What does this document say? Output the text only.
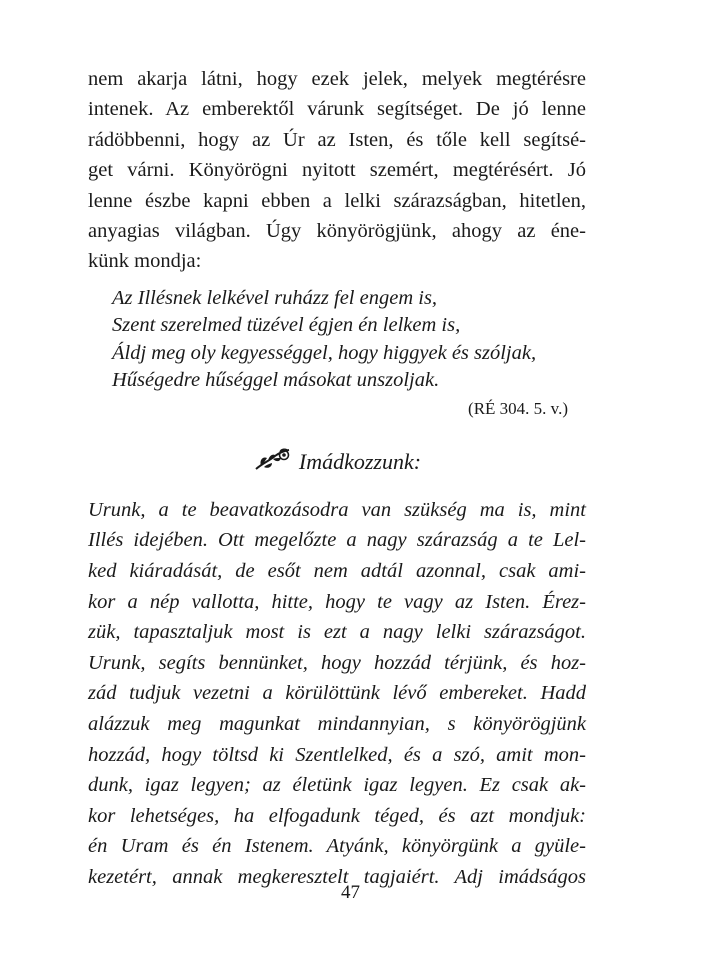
nem akarja látni, hogy ezek jelek, melyek megtérésre
intenek. Az emberektől várunk segítséget. De jó lenne
rádöbbenni, hogy az Úr az Isten, és tőle kell segítsé-
get várni. Könyörögni nyitott szemért, megtérésért. Jó
lenne észbe kapni ebben a lelki szárazságban, hitetlen,
anyagias világban. Úgy könyörögjünk, ahogy az éne-
künk mondja:

Az Illésnek lelkével ruházz fel engem is,
Szent szerelmed tüzével égjen én lelkem is,
Áldj meg oly kegyességgel, hogy higgyek és szóljak,
Hűségedre hűséggel másokat unszoljak.
(RÉ 304. 5. v.)
Imádkozzunk:

Urunk, a te beavatkozásodra van szükség ma is, mint
Illés idejében. Ott megelőzte a nagy szárazság a te Lel-
ked kiáradását, de esőt nem adtál azonnal, csak ami-
kor a nép vallotta, hitte, hogy te vagy az Isten. Érez-
zük, tapasztaljuk most is ezt a nagy lelki szárazságot.
Urunk, segíts bennünket, hogy hozzád térjünk, és hoz-
zád tudjuk vezetni a körülöttünk lévő embereket. Hadd
alázzuk meg magunkat mindannyian, s könyörögjünk
hozzád, hogy töltsd ki Szentlelked, és a szó, amit mon-
dunk, igaz legyen; az életünk igaz legyen. Ez csak ak-
kor lehetséges, ha elfogadunk téged, és azt mondjuk:
én Uram és én Istenem. Atyánk, könyörgünk a gyüle-
kezetért, annak megkeresztelt tagjaiért. Adj imádságos

47
